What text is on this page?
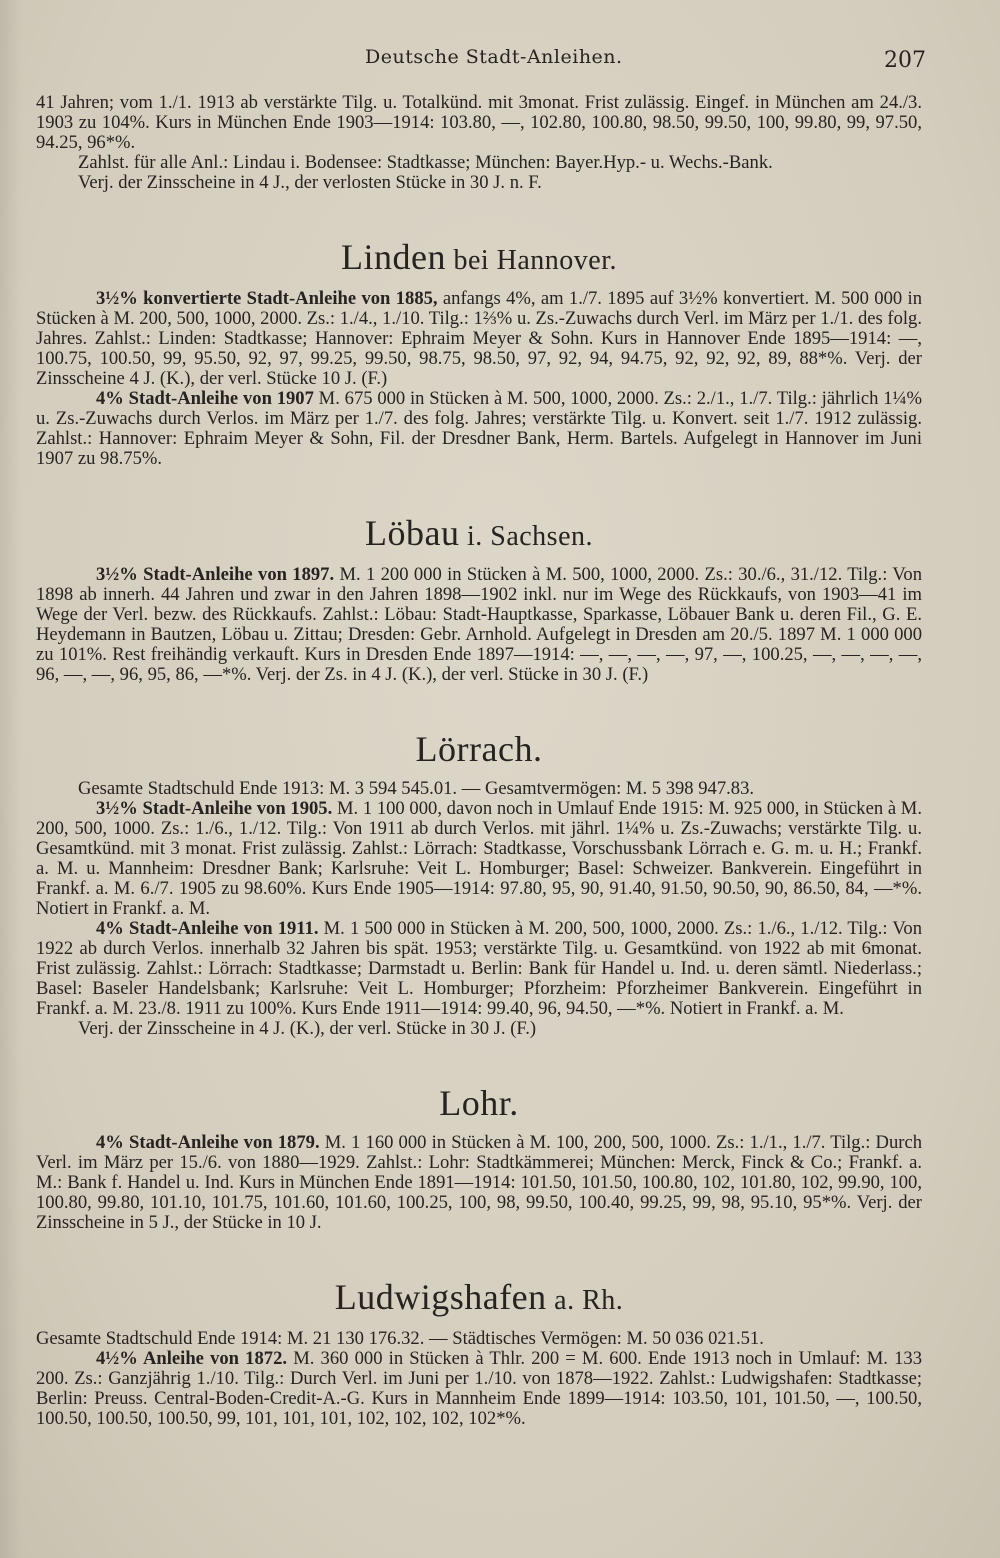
Deutsche Stadt-Anleihen.	207

41 Jahren; vom 1./1. 1913 ab verstärkte Tilg. u. Totalkünd. mit 3monat. Frist zulässig. Eingef. in München am 24./3. 1903 zu 104%. Kurs in München Ende 1903—1914: 103.80, —, 102.80, 100.80, 98.50, 99.50, 100, 99.80, 99, 97.50, 94.25, 96*%.

Zahlst. für alle Anl.: Lindau i. Bodensee: Stadtkasse; München: Bayer.Hyp.- u. Wechs.-Bank.

Verj. der Zinsscheine in 4 J., der verlosten Stücke in 30 J. n. F.

Linden bei Hannover.

3½% konvertierte Stadt-Anleihe von 1885, anfangs 4%, am 1./7. 1895 auf 3½% konvertiert. M. 500 000 in Stücken à M. 200, 500, 1000, 2000. Zs.: 1./4., 1./10. Tilg.: 1⅔% u. Zs.-Zuwachs durch Verl. im März per 1./1. des folg. Jahres. Zahlst.: Linden: Stadtkasse; Hannover: Ephraim Meyer & Sohn. Kurs in Hannover Ende 1895—1914: —, 100.75, 100.50, 99, 95.50, 92, 97, 99.25, 99.50, 98.75, 98.50, 97, 92, 94, 94.75, 92, 92, 92, 89, 88*%. Verj. der Zinsscheine 4 J. (K.), der verl. Stücke 10 J. (F.)

4% Stadt-Anleihe von 1907 M. 675 000 in Stücken à M. 500, 1000, 2000. Zs.: 2./1., 1./7. Tilg.: jährlich 1¼% u. Zs.-Zuwachs durch Verlos. im März per 1./7. des folg. Jahres; verstärkte Tilg. u. Konvert. seit 1./7. 1912 zulässig. Zahlst.: Hannover: Ephraim Meyer & Sohn, Fil. der Dresdner Bank, Herm. Bartels. Aufgelegt in Hannover im Juni 1907 zu 98.75%.

Löbau i. Sachsen.

3½% Stadt-Anleihe von 1897. M. 1 200 000 in Stücken à M. 500, 1000, 2000. Zs.: 30./6., 31./12. Tilg.: Von 1898 ab innerh. 44 Jahren und zwar in den Jahren 1898—1902 inkl. nur im Wege des Rückkaufs, von 1903—41 im Wege der Verl. bezw. des Rückkaufs. Zahlst.: Löbau: Stadt-Hauptkasse, Sparkasse, Löbauer Bank u. deren Fil., G. E. Heydemann in Bautzen, Löbau u. Zittau; Dresden: Gebr. Arnhold. Aufgelegt in Dresden am 20./5. 1897 M. 1 000 000 zu 101%. Rest freihändig verkauft. Kurs in Dresden Ende 1897—1914: —, —, —, —, 97, —, 100.25, —, —, —, —, 96, —, —, 96, 95, 86, —*%. Verj. der Zs. in 4 J. (K.), der verl. Stücke in 30 J. (F.)

Lörrach.

Gesamte Stadtschuld Ende 1913: M. 3 594 545.01. — Gesamtvermögen: M. 5 398 947.83.

3½% Stadt-Anleihe von 1905. M. 1 100 000, davon noch in Umlauf Ende 1915: M. 925 000, in Stücken à M. 200, 500, 1000. Zs.: 1./6., 1./12. Tilg.: Von 1911 ab durch Verlos. mit jährl. 1¼% u. Zs.-Zuwachs; verstärkte Tilg. u. Gesamtkünd. mit 3 monat. Frist zulässig. Zahlst.: Lörrach: Stadtkasse, Vorschussbank Lörrach e. G. m. u. H.; Frankf. a. M. u. Mannheim: Dresdner Bank; Karlsruhe: Veit L. Homburger; Basel: Schweizer. Bankverein. Eingeführt in Frankf. a. M. 6./7. 1905 zu 98.60%. Kurs Ende 1905—1914: 97.80, 95, 90, 91.40, 91.50, 90.50, 90, 86.50, 84, —*%. Notiert in Frankf. a. M.

4% Stadt-Anleihe von 1911. M. 1 500 000 in Stücken à M. 200, 500, 1000, 2000. Zs.: 1./6., 1./12. Tilg.: Von 1922 ab durch Verlos. innerhalb 32 Jahren bis spät. 1953; verstärkte Tilg. u. Gesamtkünd. von 1922 ab mit 6monat. Frist zulässig. Zahlst.: Lörrach: Stadtkasse; Darmstadt u. Berlin: Bank für Handel u. Ind. u. deren sämtl. Niederlass.; Basel: Baseler Handelsbank; Karlsruhe: Veit L. Homburger; Pforzheim: Pforzheimer Bankverein. Eingeführt in Frankf. a. M. 23./8. 1911 zu 100%. Kurs Ende 1911—1914: 99.40, 96, 94.50, —*%. Notiert in Frankf. a. M.

Verj. der Zinsscheine in 4 J. (K.), der verl. Stücke in 30 J. (F.)

Lohr.

4% Stadt-Anleihe von 1879. M. 1 160 000 in Stücken à M. 100, 200, 500, 1000. Zs.: 1./1., 1./7. Tilg.: Durch Verl. im März per 15./6. von 1880—1929. Zahlst.: Lohr: Stadtkämmerei; München: Merck, Finck & Co.; Frankf. a. M.: Bank f. Handel u. Ind. Kurs in München Ende 1891—1914: 101.50, 101.50, 100.80, 102, 101.80, 102, 99.90, 100, 100.80, 99.80, 101.10, 101.75, 101.60, 101.60, 100.25, 100, 98, 99.50, 100.40, 99.25, 99, 98, 95.10, 95*%. Verj. der Zinsscheine in 5 J., der Stücke in 10 J.

Ludwigshafen a. Rh.

Gesamte Stadtschuld Ende 1914: M. 21 130 176.32. — Städtisches Vermögen: M. 50 036 021.51.

4½% Anleihe von 1872. M. 360 000 in Stücken à Thlr. 200 = M. 600. Ende 1913 noch in Umlauf: M. 133 200. Zs.: Ganzjährig 1./10. Tilg.: Durch Verl. im Juni per 1./10. von 1878—1922. Zahlst.: Ludwigshafen: Stadtkasse; Berlin: Preuss. Central-Boden-Credit-A.-G. Kurs in Mannheim Ende 1899—1914: 103.50, 101, 101.50, —, 100.50, 100.50, 100.50, 100.50, 99, 101, 101, 101, 102, 102, 102, 102*%.
